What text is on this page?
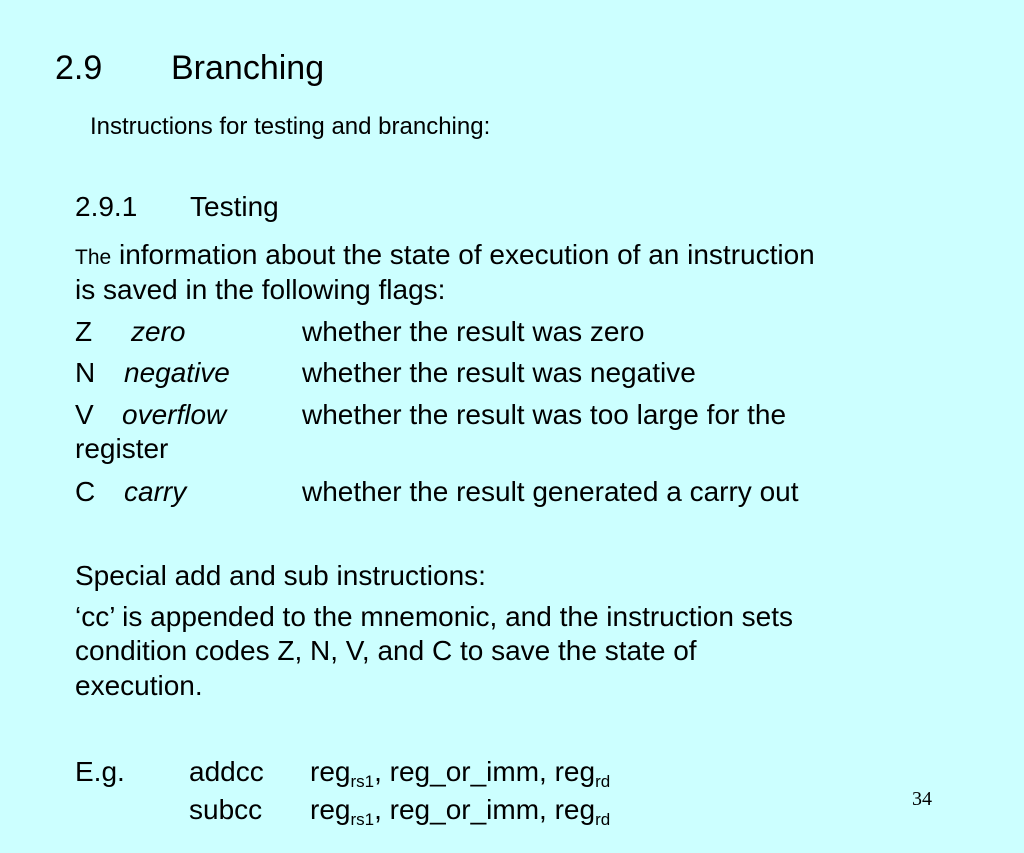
2.9 Branching
Instructions for testing and branching:
2.9.1 Testing
The information about the state of execution of an instruction
is saved in the following flags:
Z zero	whether the result was zero
N negative	whether the result was negative
V overflow	whether the result was too large for the
register
C carry	whether the result generated a carry out
Special add and sub instructions:
‘cc’ is appended to the mnemonic, and the instruction sets
condition codes Z, N, V, and C to save the state of
execution.
E.g. addcc reg$_{rs1}$, reg_or_imm, reg$_{rd}$
subcc reg$_{rs1}$, reg_or_imm, reg$_{rd}$
34
